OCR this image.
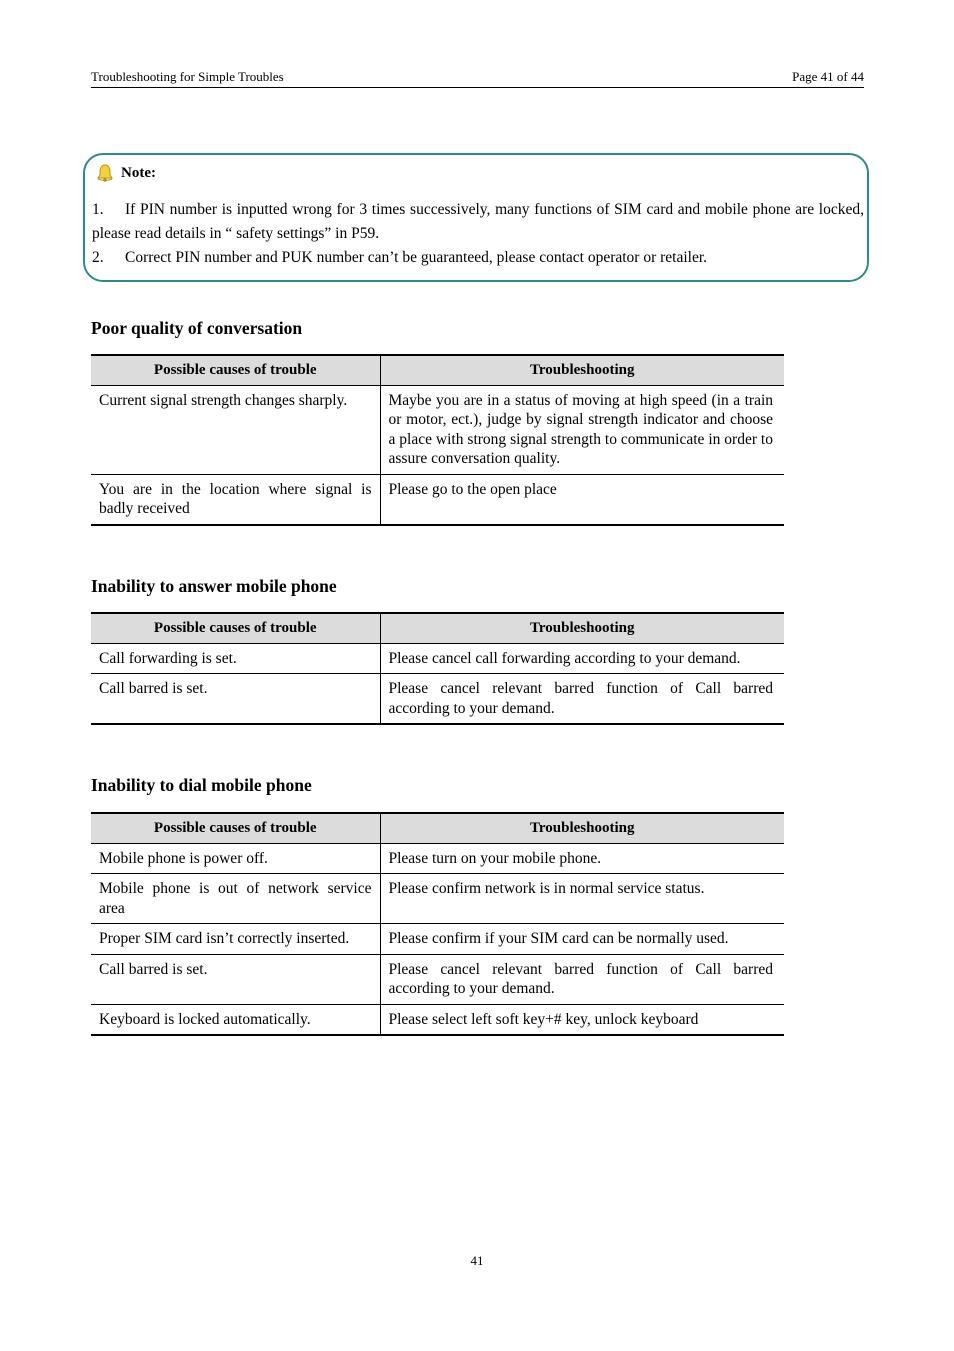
Troubleshooting for Simple Troubles	Page 41 of 44
Note:
1. If PIN number is inputted wrong for 3 times successively, many functions of SIM card and mobile phone are locked, please read details in “ safety settings” in P59.
2. Correct PIN number and PUK number can’t be guaranteed, please contact operator or retailer.
Poor quality of conversation
Possible causes of trouble	Troubleshooting
Current signal strength changes sharply.	Maybe you are in a status of moving at high speed (in a train or motor, ect.), judge by signal strength indicator and choose a place with strong signal strength to communicate in order to assure conversation quality.
You are in the location where signal is badly received	Please go to the open place
Inability to answer mobile phone
Possible causes of trouble	Troubleshooting
Call forwarding is set.	Please cancel call forwarding according to your demand.
Call barred is set.	Please cancel relevant barred function of Call barred according to your demand.
Inability to dial mobile phone
Possible causes of trouble	Troubleshooting
Mobile phone is power off.	Please turn on your mobile phone.
Mobile phone is out of network service area	Please confirm network is in normal service status.
Proper SIM card isn’t correctly inserted.	Please confirm if your SIM card can be normally used.
Call barred is set.	Please cancel relevant barred function of Call barred according to your demand.
Keyboard is locked automatically.	Please select left soft key+# key, unlock keyboard
41
